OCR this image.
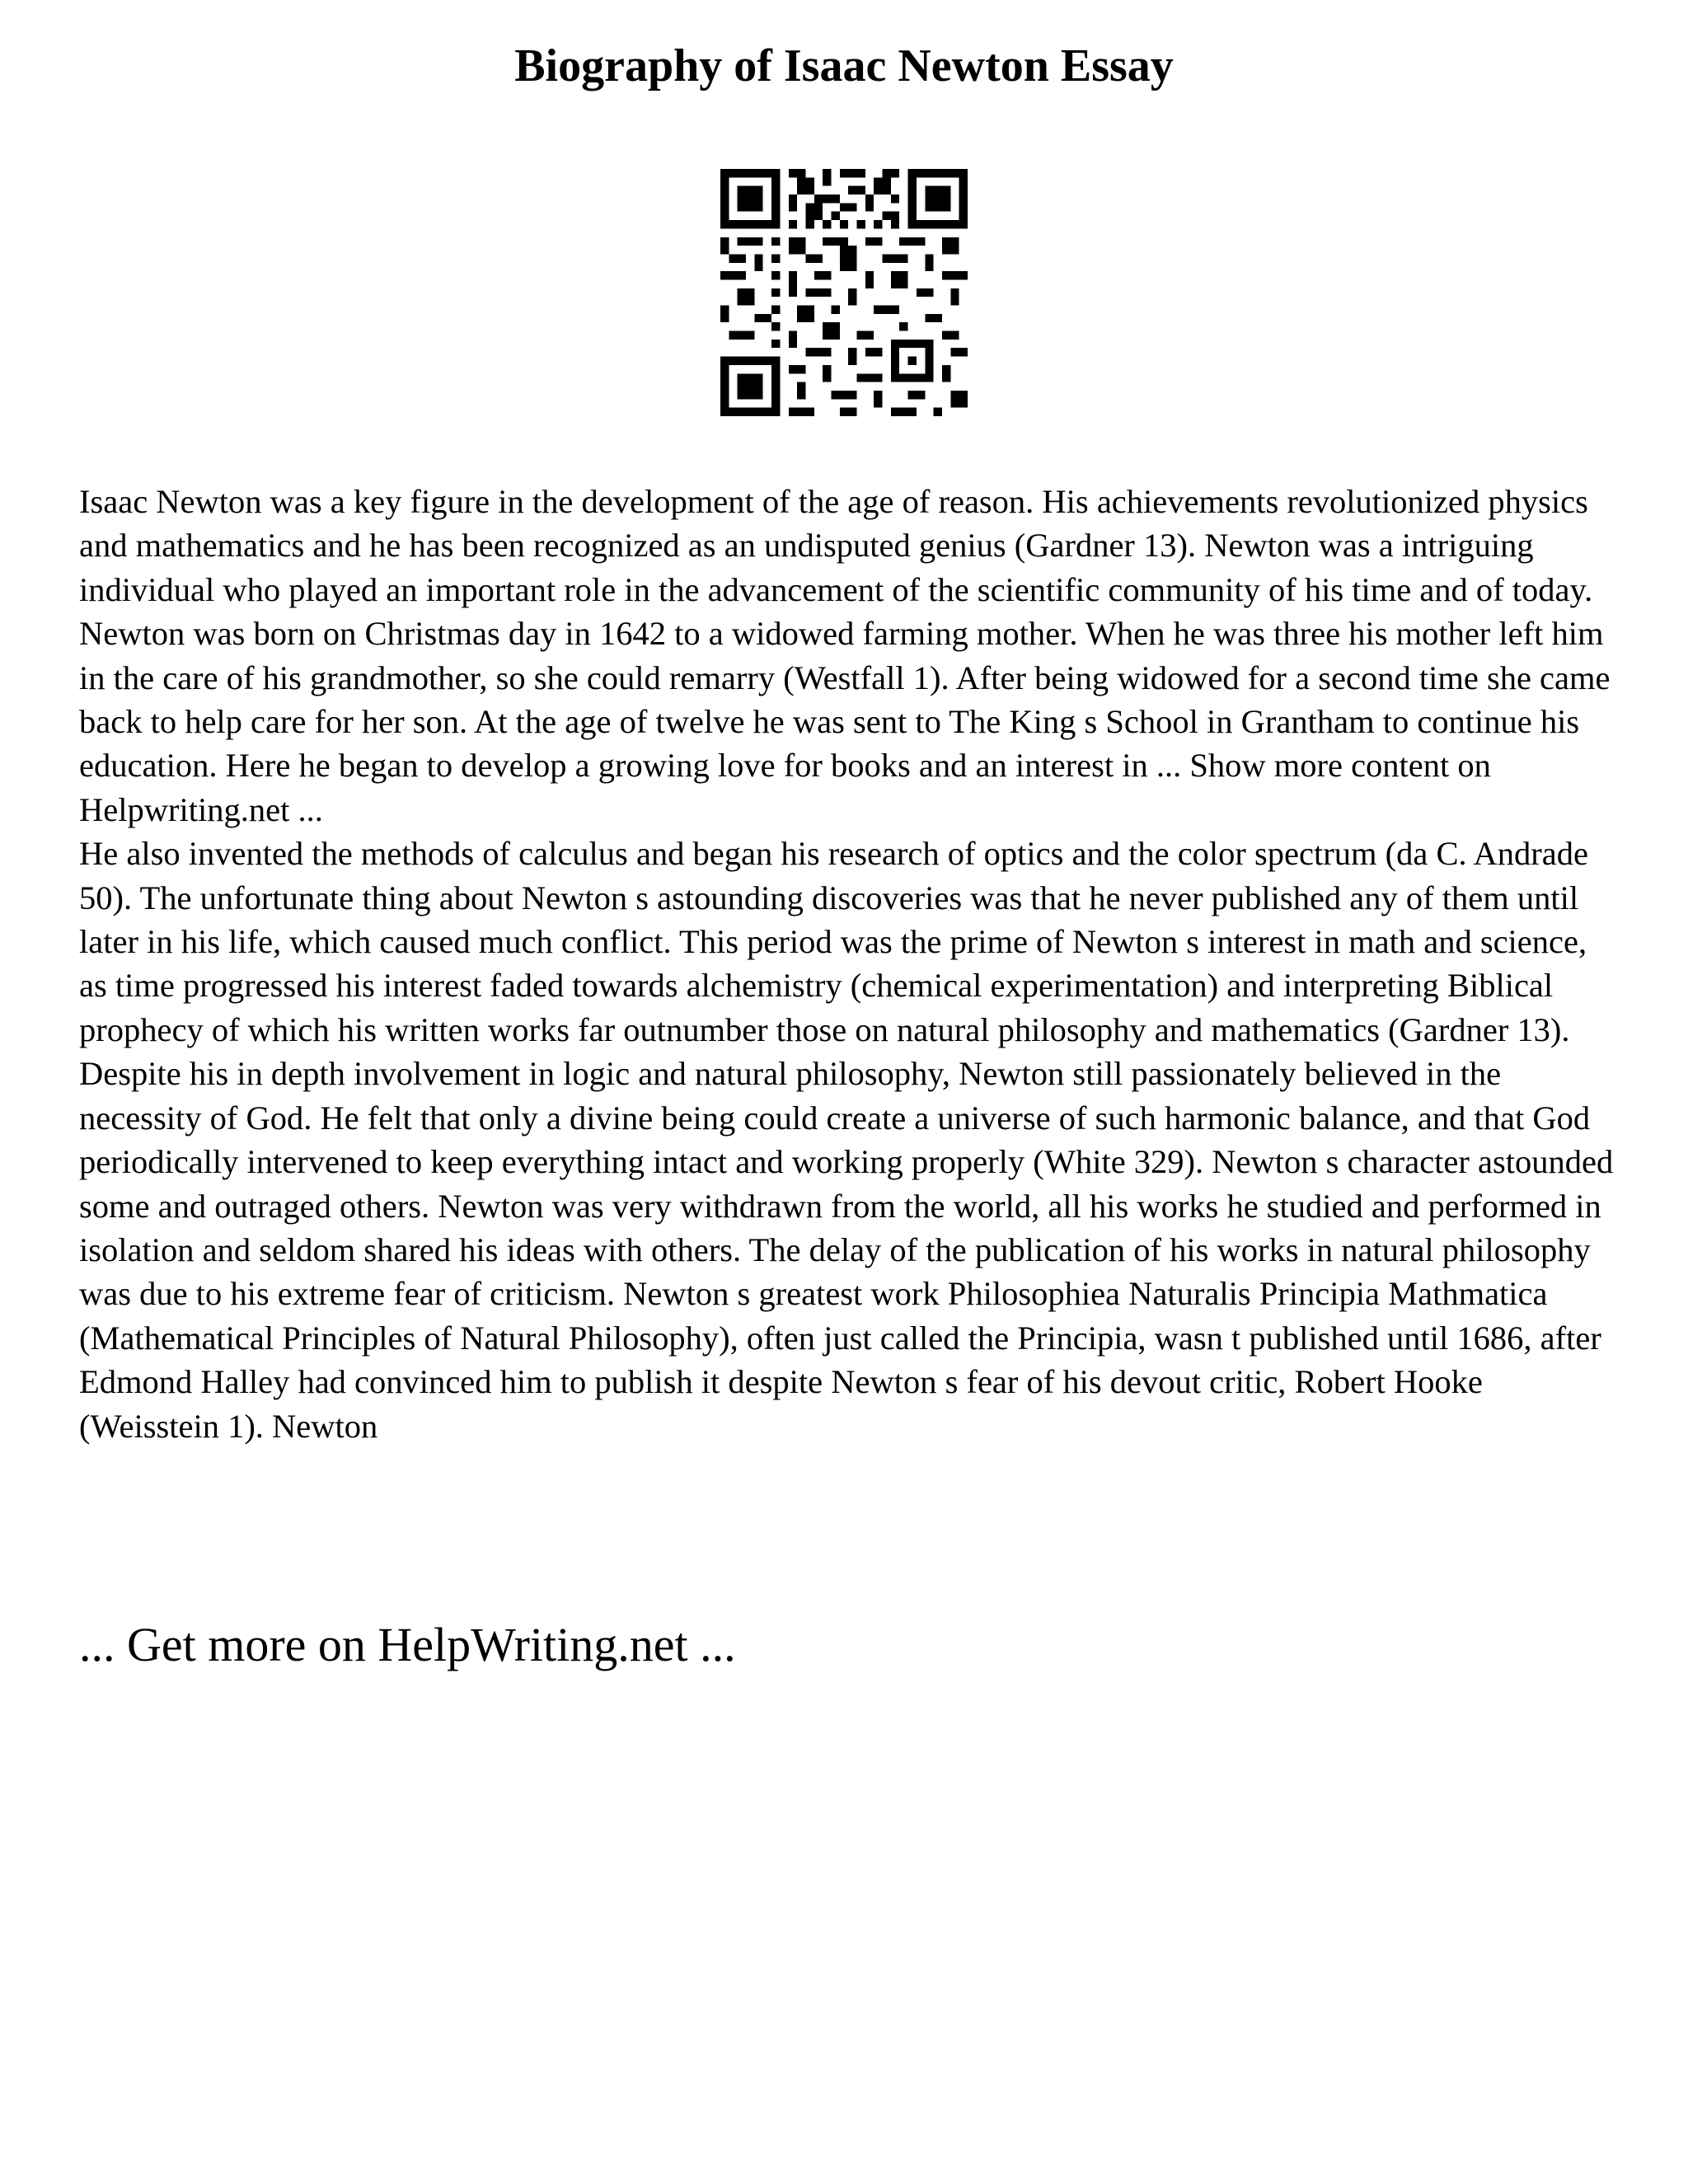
Biography of Isaac Newton Essay

Isaac Newton was a key figure in the development of the age of reason. His achievements revolutionized physics and mathematics and he has been recognized as an undisputed genius (Gardner 13). Newton was a intriguing individual who played an important role in the advancement of the scientific community of his time and of today. Newton was born on Christmas day in 1642 to a widowed farming mother. When he was three his mother left him in the care of his grandmother, so she could remarry (Westfall 1). After being widowed for a second time she came back to help care for her son. At the age of twelve he was sent to The King s School in Grantham to continue his education. Here he began to develop a growing love for books and an interest in ... Show more content on Helpwriting.net ...

He also invented the methods of calculus and began his research of optics and the color spectrum (da C. Andrade 50). The unfortunate thing about Newton s astounding discoveries was that he never published any of them until later in his life, which caused much conflict. This period was the prime of Newton s interest in math and science, as time progressed his interest faded towards alchemistry (chemical experimentation) and interpreting Biblical prophecy of which his written works far outnumber those on natural philosophy and mathematics (Gardner 13). Despite his in depth involvement in logic and natural philosophy, Newton still passionately believed in the necessity of God. He felt that only a divine being could create a universe of such harmonic balance, and that God periodically intervened to keep everything intact and working properly (White 329). Newton s character astounded some and outraged others. Newton was very withdrawn from the world, all his works he studied and performed in isolation and seldom shared his ideas with others. The delay of the publication of his works in natural philosophy was due to his extreme fear of criticism. Newton s greatest work Philosophiea Naturalis Principia Mathmatica (Mathematical Principles of Natural Philosophy), often just called the Principia, wasn t published until 1686, after Edmond Halley had convinced him to publish it despite Newton s fear of his devout critic, Robert Hooke (Weisstein 1). Newton

... Get more on HelpWriting.net ...
